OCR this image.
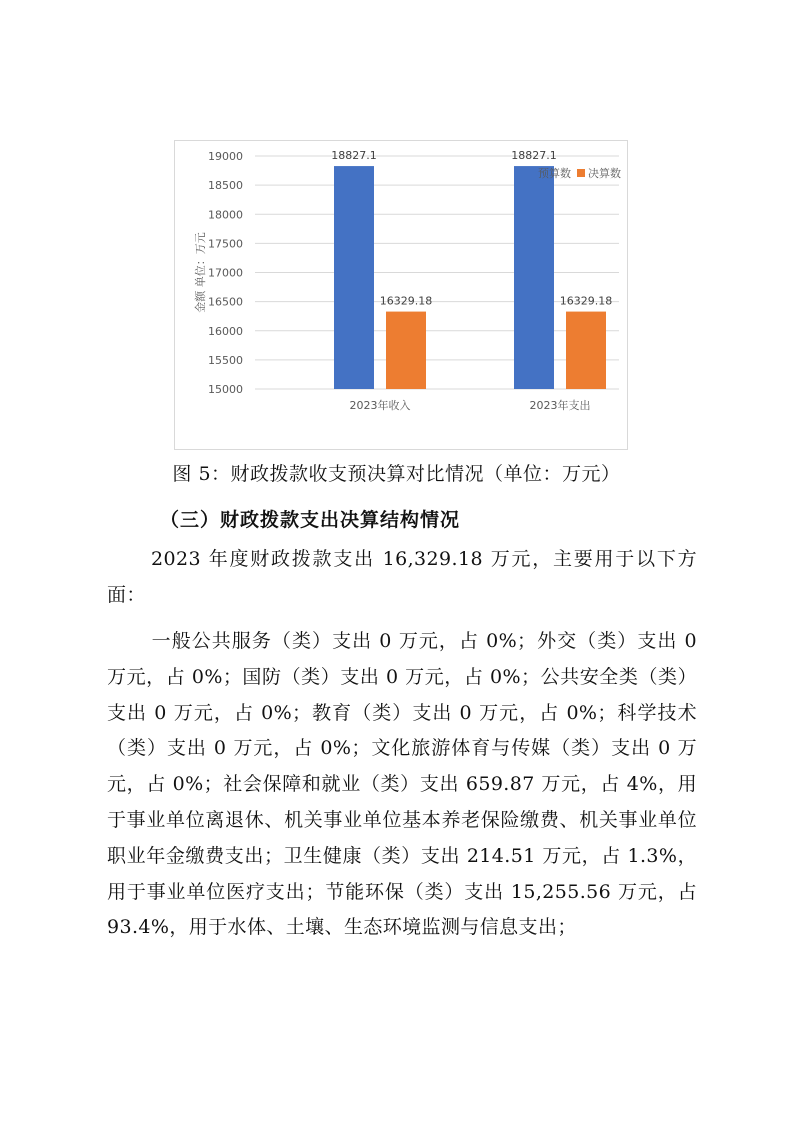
15000
15500
16000
16500
17000
17500
18000
18500
19000
金额 单位：万元
18827.1	18827.1
16329.18	16329.18
2023年收入	2023年支出
预算数 决算数
图 5：财政拨款收支预决算对比情况（单位：万元）
（三）财政拨款支出决算结构情况
2023 年度财政拨款支出 16,329.18 万元，主要用于以下方面：
一般公共服务（类）支出 0 万元，占 0%；外交（类）支出 0 万元，占 0%；国防（类）支出 0 万元，占 0%；公共安全类（类）支出 0 万元，占 0%；教育（类）支出 0 万元，占 0%；科学技术（类）支出 0 万元，占 0%；文化旅游体育与传媒（类）支出 0 万元，占 0%；社会保障和就业（类）支出 659.87 万元，占 4%，用于事业单位离退休、机关事业单位基本养老保险缴费、机关事业单位职业年金缴费支出；卫生健康（类）支出 214.51 万元，占 1.3%，用于事业单位医疗支出；节能环保（类）支出 15,255.56 万元，占 93.4%，用于水体、土壤、生态环境监测与信息支出；
